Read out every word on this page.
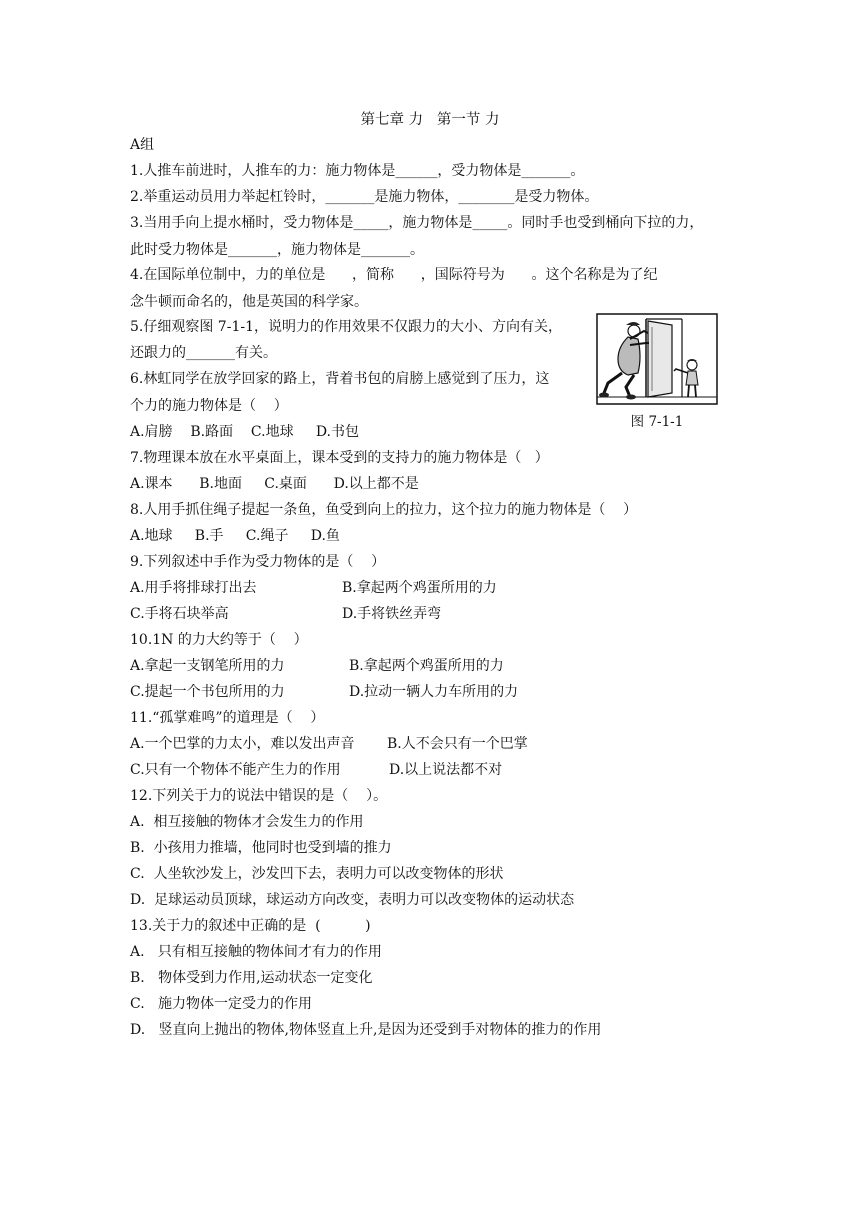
第七章 力   第一节 力
A组
1.人推车前进时，人推车的力：施力物体是______，受力物体是_______。
2.举重运动员用力举起杠铃时，_______是施力物体，________是受力物体。
3.当用手向上提水桶时，受力物体是_____，施力物体是_____。同时手也受到桶向下拉的力，
此时受力物体是_______，施力物体是_______。
4.在国际单位制中，力的单位是      ，简称      ，国际符号为      。这个名称是为了纪
念牛顿而命名的，他是英国的科学家。
5.仔细观察图 7-1-1，说明力的作用效果不仅跟力的大小、方向有关，
还跟力的_______有关。
6.林虹同学在放学回家的路上，背着书包的肩膀上感觉到了压力，这
个力的施力物体是（    ）
A.肩膀    B.路面    C.地球     D.书包
图 7-1-1
7.物理课本放在水平桌面上，课本受到的支持力的施力物体是（   ）
A.课本      B.地面     C.桌面      D.以上都不是
8.人用手抓住绳子提起一条鱼，鱼受到向上的拉力，这个拉力的施力物体是（    ）
A.地球     B.手     C.绳子     D.鱼
9.下列叙述中手作为受力物体的是（    ）
A.用手将排球打出去	B.拿起两个鸡蛋所用的力
C.手将石块举高	D.手将铁丝弄弯
10.1N 的力大约等于（    ）
A.拿起一支钢笔所用的力	B.拿起两个鸡蛋所用的力
C.提起一个书包所用的力	D.拉动一辆人力车所用的力
11.“孤掌难鸣”的道理是（    ）
A.一个巴掌的力太小，难以发出声音 B.人不会只有一个巴掌
C.只有一个物体不能产生力的作用	D.以上说法都不对
12.下列关于力的说法中错误的是（    ）。
A.  相互接触的物体才会发生力的作用
B.  小孩用力推墙，他同时也受到墙的推力
C.  人坐软沙发上，沙发凹下去，表明力可以改变物体的形状
D.  足球运动员顶球，球运动方向改变，表明力可以改变物体的运动状态
13.关于力的叙述中正确的是  (          )
A.   只有相互接触的物体间才有力的作用
B.   物体受到力作用,运动状态一定变化
C.   施力物体一定受力的作用
D.   竖直向上抛出的物体,物体竖直上升,是因为还受到手对物体的推力的作用
